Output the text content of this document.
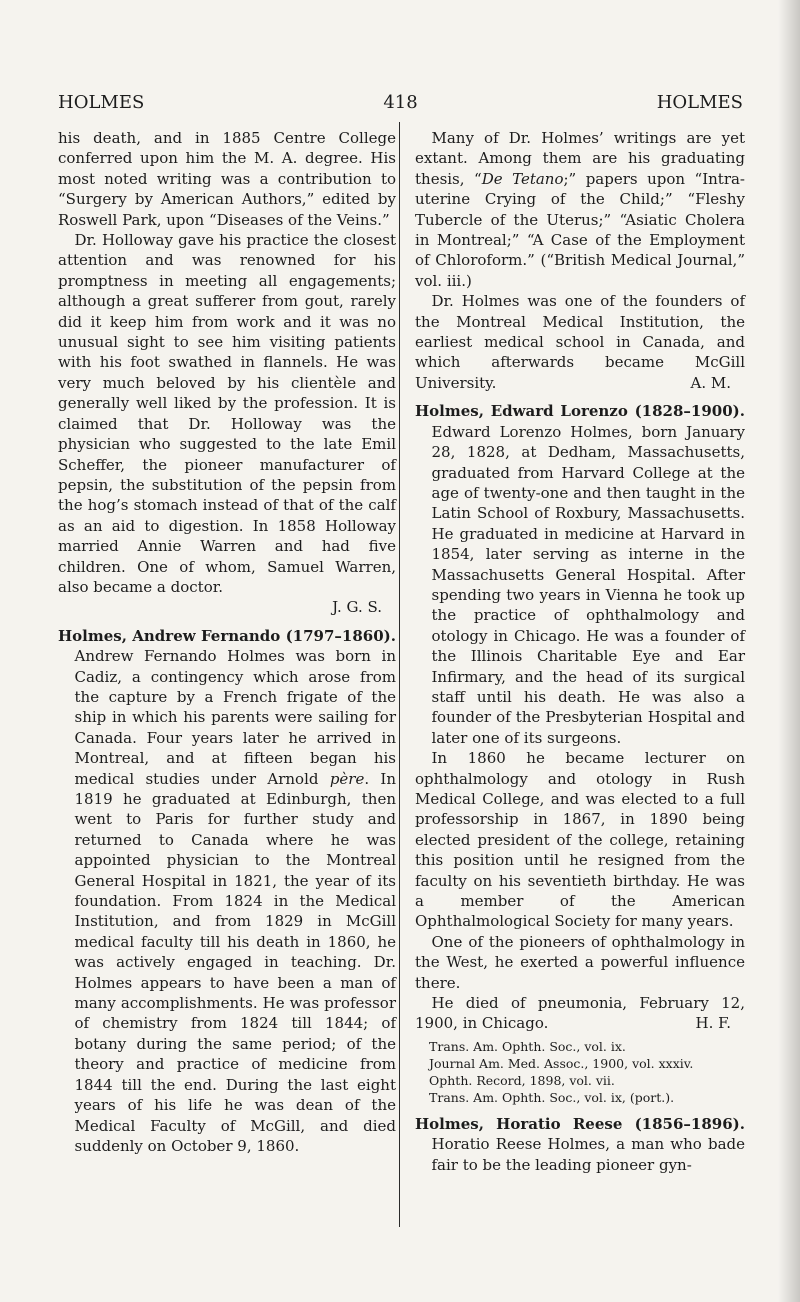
HOLMES	418	HOLMES

his death, and in 1885 Centre College conferred upon him the M. A. degree. His most noted writing was a contribution to “Surgery by American Authors,” edited by Roswell Park, upon “Diseases of the Veins.”

Dr. Holloway gave his practice the closest attention and was renowned for his promptness in meeting all engagements; although a great sufferer from gout, rarely did it keep him from work and it was no unusual sight to see him visiting patients with his foot swathed in flannels. He was very much beloved by his clientèle and generally well liked by the profession. It is claimed that Dr. Holloway was the physician who suggested to the late Emil Scheffer, the pioneer manufacturer of pepsin, the substitution of the pepsin from the hog’s stomach instead of that of the calf as an aid to digestion. In 1858 Holloway married Annie Warren and had five children. One of whom, Samuel Warren, also became a doctor.

J. G. S.

Holmes, Andrew Fernando (1797–1860). Andrew Fernando Holmes was born in Cadiz, a contingency which arose from the capture by a French frigate of the ship in which his parents were sailing for Canada. Four years later he arrived in Montreal, and at fifteen began his medical studies under Arnold père. In 1819 he graduated at Edinburgh, then went to Paris for further study and returned to Canada where he was appointed physician to the Montreal General Hospital in 1821, the year of its foundation. From 1824 in the Medical Institution, and from 1829 in McGill medical faculty till his death in 1860, he was actively engaged in teaching. Dr. Holmes appears to have been a man of many accomplishments. He was professor of chemistry from 1824 till 1844; of botany during the same period; of the theory and practice of medicine from 1844 till the end. During the last eight years of his life he was dean of the Medical Faculty of McGill, and died suddenly on October 9, 1860.

Many of Dr. Holmes’ writings are yet extant. Among them are his graduating thesis, “De Tetano;” papers upon “Intra-uterine Crying of the Child;” “Fleshy Tubercle of the Uterus;” “Asiatic Cholera in Montreal;” “A Case of the Employment of Chloroform.” (“British Medical Journal,” vol. iii.)

Dr. Holmes was one of the founders of the Montreal Medical Institution, the earliest medical school in Canada, and which afterwards became McGill University.	A. M.

Holmes, Edward Lorenzo (1828–1900). Edward Lorenzo Holmes, born January 28, 1828, at Dedham, Massachusetts, graduated from Harvard College at the age of twenty-one and then taught in the Latin School of Roxbury, Massachusetts. He graduated in medicine at Harvard in 1854, later serving as interne in the Massachusetts General Hospital. After spending two years in Vienna he took up the practice of ophthalmology and otology in Chicago. He was a founder of the Illinois Charitable Eye and Ear Infirmary, and the head of its surgical staff until his death. He was also a founder of the Presbyterian Hospital and later one of its surgeons.

In 1860 he became lecturer on ophthalmology and otology in Rush Medical College, and was elected to a full professorship in 1867, in 1890 being elected president of the college, retaining this position until he resigned from the faculty on his seventieth birthday. He was a member of the American Ophthalmological Society for many years.

One of the pioneers of ophthalmology in the West, he exerted a powerful influence there.

He died of pneumonia, February 12, 1900, in Chicago.	H. F.

Trans. Am. Ophth. Soc., vol. ix.
Journal Am. Med. Assoc., 1900, vol. xxxiv.
Ophth. Record, 1898, vol. vii.
Trans. Am. Ophth. Soc., vol. ix, (port.).

Holmes, Horatio Reese (1856–1896). Horatio Reese Holmes, a man who bade fair to be the leading pioneer gyn-
